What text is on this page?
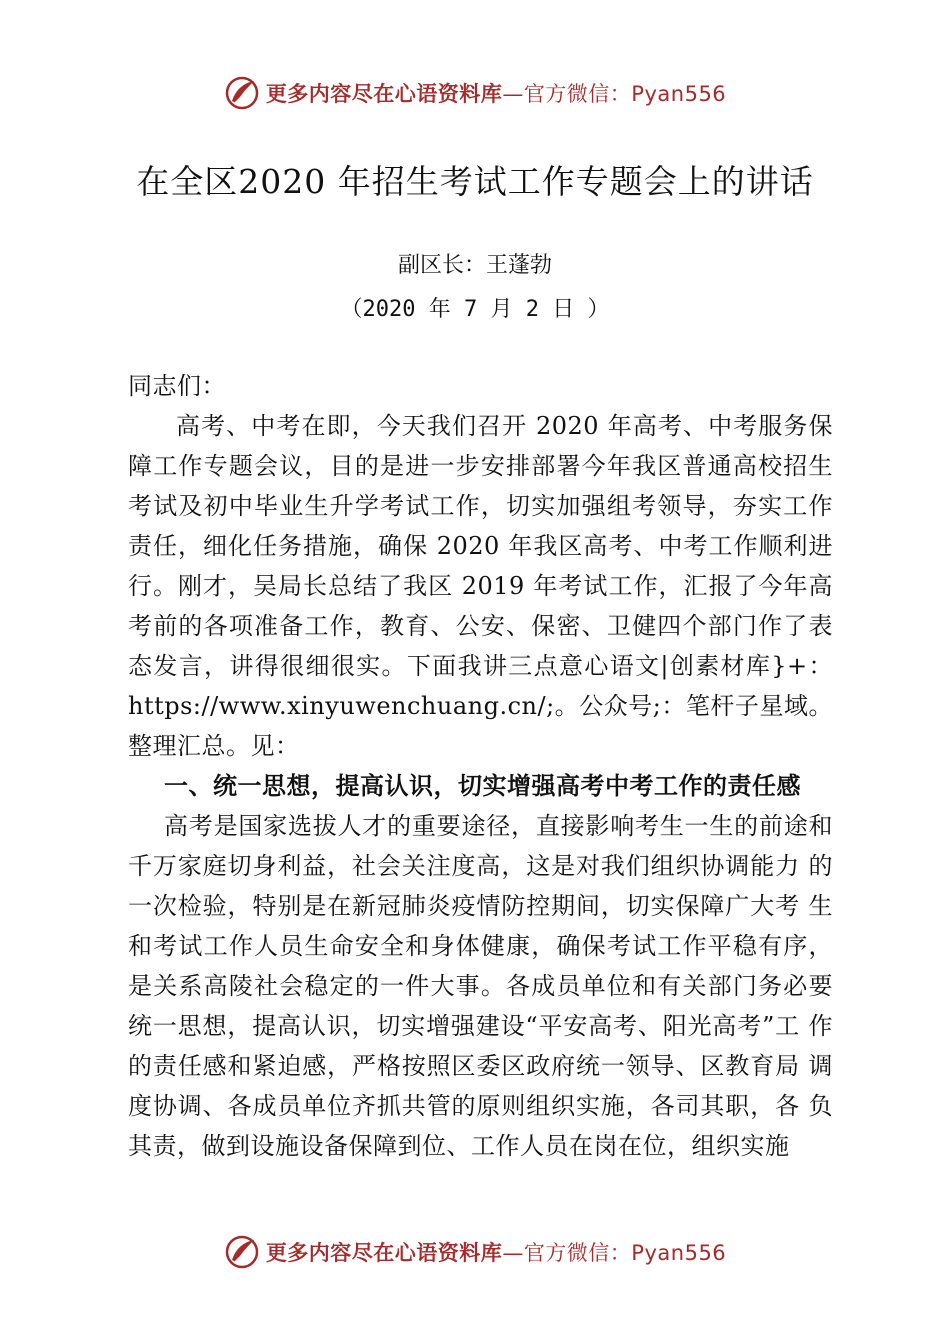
更多内容尽在心语资料库—官方微信：Pyan556
在全区2020 年招生考试工作专题会上的讲话
副区长：王蓬勃
（2020 年 7 月 2 日 ）

同志们：

高考、中考在即，今天我们召开 2020 年高考、中考服务保障工作专题会议，目的是进一步安排部署今年我区普通高校招生考试及初中毕业生升学考试工作，切实加强组考领导，夯实工作责任，细化任务措施，确保 2020 年我区高考、中考工作顺利进行。刚才，吴局长总结了我区 2019 年考试工作，汇报了今年高考前的各项准备工作，教育、公安、保密、卫健四个部门作了表态发言，讲得很细很实。下面我讲三点意心语文|创素材库}+：https://www.xinyuwenchuang.cn/;。公众号;：笔杆子星域。整理汇总。见：

一、统一思想，提高认识，切实增强高考中考工作的责任感

高考是国家选拔人才的重要途径，直接影响考生一生的前途和千万家庭切身利益，社会关注度高，这是对我们组织协调能力 的一次检验，特别是在新冠肺炎疫情防控期间，切实保障广大考 生和考试工作人员生命安全和身体健康，确保考试工作平稳有序， 是关系高陵社会稳定的一件大事。各成员单位和有关部门务必要 统一思想，提高认识，切实增强建设“平安高考、阳光高考”工 作的责任感和紧迫感，严格按照区委区政府统一领导、区教育局 调度协调、各成员单位齐抓共管的原则组织实施，各司其职，各 负其责，做到设施设备保障到位、工作人员在岗在位，组织实施

更多内容尽在心语资料库—官方微信：Pyan556
